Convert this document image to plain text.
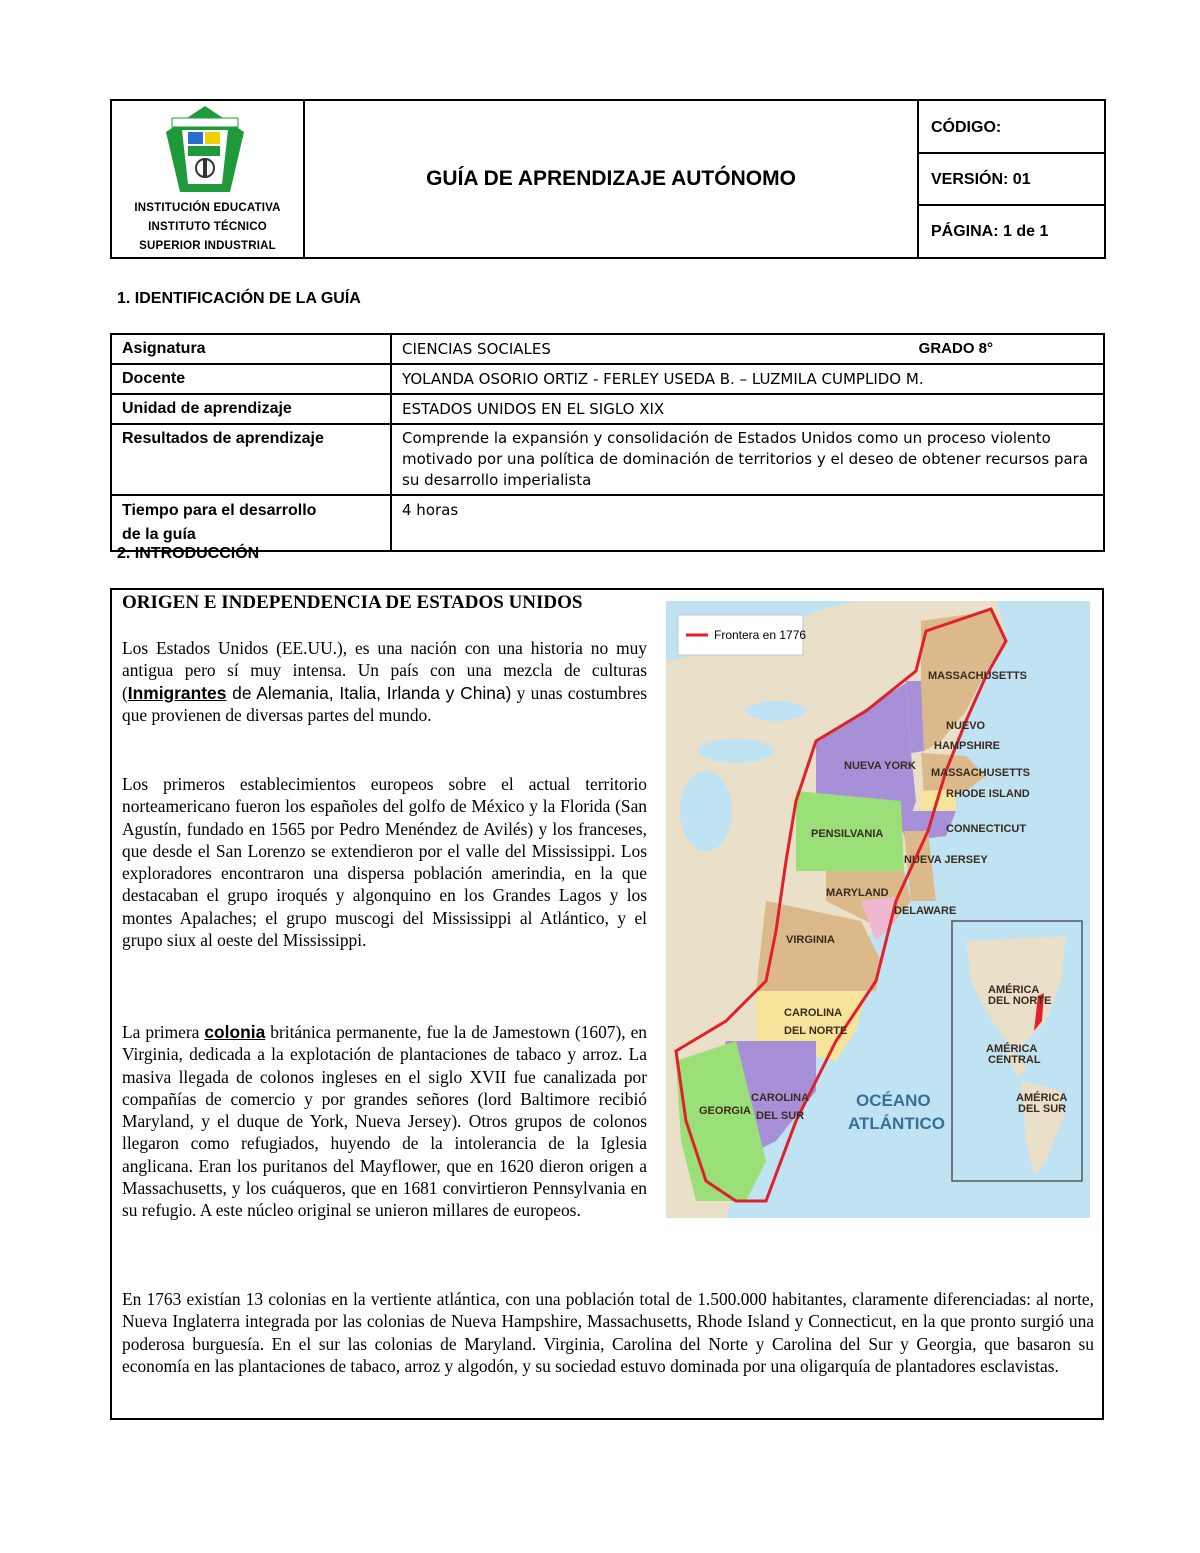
INSTITUCIÓN EDUCATIVA
INSTITUTO TÉCNICO
SUPERIOR INDUSTRIAL
GUÍA DE APRENDIZAJE AUTÓNOMO
CÓDIGO:
VERSIÓN: 01
PÁGINA: 1 de 1
1. IDENTIFICACIÓN DE LA GUÍA
Asignatura	CIENCIAS SOCIALES GRADO 8°

Docente	YOLANDA OSORIO ORTIZ - FERLEY USEDA B. – LUZMILA CUMPLIDO M.
Unidad de aprendizaje	ESTADOS UNIDOS EN EL SIGLO XIX
Resultados de aprendizaje	Comprende la expansión y consolidación de Estados Unidos como un proceso violento motivado por una política de dominación de territorios y el deseo de obtener recursos para su desarrollo imperialista

Tiempo para el desarrollo
de la guía	4 horas
2. INTRODUCCIÓN
ORIGEN E INDEPENDENCIA DE ESTADOS UNIDOS
Los Estados Unidos (EE.UU.), es una nación con una historia no muy antigua pero sí muy intensa. Un país con una mezcla de culturas (Inmigrantes de Alemania, Italia, Irlanda y China) y unas costumbres que provienen de diversas partes del mundo.
Los primeros establecimientos europeos sobre el actual territorio norteamericano fueron los españoles del golfo de México y la Florida (San Agustín, fundado en 1565 por Pedro Menéndez de Avilés) y los franceses, que desde el San Lorenzo se extendieron por el valle del Mississippi. Los exploradores encontraron una dispersa población amerindia, en la que destacaban el grupo iroqués y algonquino en los Grandes Lagos y los montes Apalaches; el grupo muscogi del Mississippi al Atlántico, y el grupo siux al oeste del Mississippi.
La primera colonia británica permanente, fue la de Jamestown (1607), en Virginia, dedicada a la explotación de plantaciones de tabaco y arroz. La masiva llegada de colonos ingleses en el siglo XVII fue canalizada por compañías de comercio y por grandes señores (lord Baltimore recibió Maryland, y el duque de York, Nueva Jersey). Otros grupos de colonos llegaron como refugiados, huyendo de la intolerancia de la Iglesia anglicana. Eran los puritanos del Mayflower, que en 1620 dieron origen a Massachusetts, y los cuáqueros, que en 1681 convirtieron Pennsylvania en su refugio. A este núcleo original se unieron millares de europeos.
En 1763 existían 13 colonias en la vertiente atlántica, con una población total de 1.500.000 habitantes, claramente diferenciadas: al norte, Nueva Inglaterra integrada por las colonias de Nueva Hampshire, Massachusetts, Rhode Island y Connecticut, en la que pronto surgió una poderosa burguesía. En el sur las colonias de Maryland. Virginia, Carolina del Norte y Carolina del Sur y Georgia, que basaron su economía en las plantaciones de tabaco, arroz y algodón, y su sociedad estuvo dominada por una oligarquía de plantadores esclavistas.
Frontera en 1776
MASSACHUSETTS
NUEVO
HAMPSHIRE
NUEVA YORK
MASSACHUSETTS
RHODE ISLAND
CONNECTICUT
PENSILVANIA
NUEVA JERSEY
MARYLAND
DELAWARE
VIRGINIA
CAROLINA
DEL NORTE
CAROLINA
DEL SUR
GEORGIA
OCÉANO
ATLÁNTICO
AMÉRICA
DEL NORTE
AMÉRICA
CENTRAL
AMÉRICA
DEL SUR
